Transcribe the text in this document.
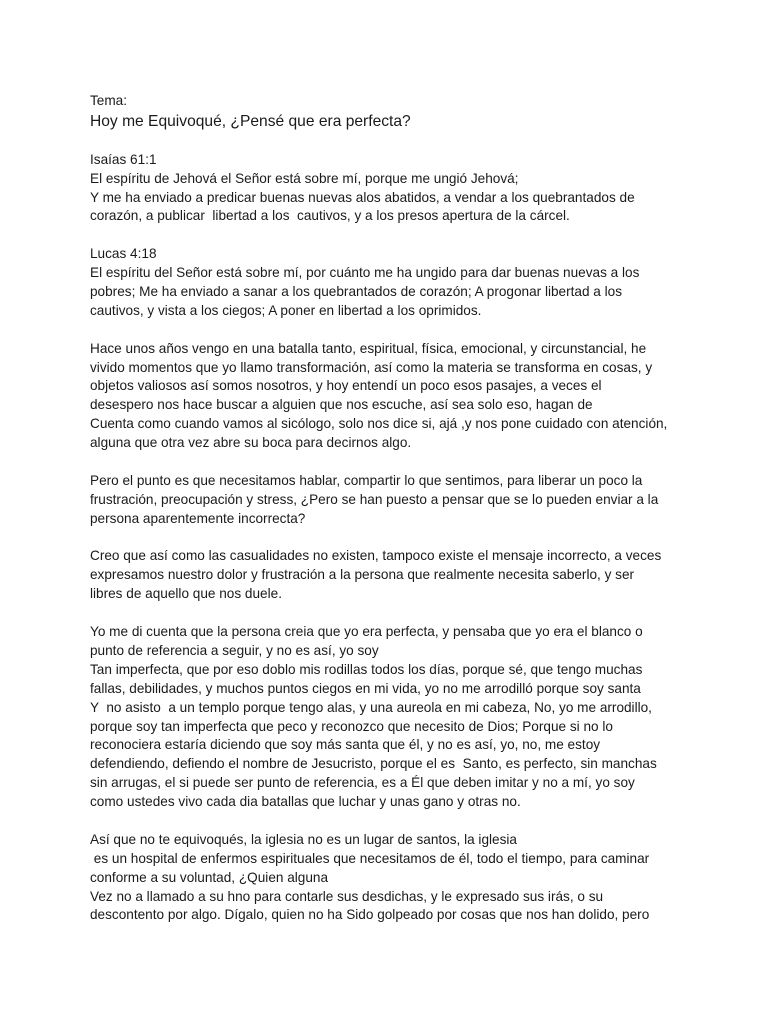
Tema:
Hoy me Equivoqué, ¿Pensé que era perfecta?
Isaías 61:1
El espíritu de Jehová el Señor está sobre mí, porque me ungió Jehová;
Y me ha enviado a predicar buenas nuevas alos abatidos, a vendar a los quebrantados de
corazón, a publicar  libertad a los  cautivos, y a los presos apertura de la cárcel.
Lucas 4:18
El espíritu del Señor está sobre mí, por cuánto me ha ungido para dar buenas nuevas a los
pobres; Me ha enviado a sanar a los quebrantados de corazón; A progonar libertad a los
cautivos, y vista a los ciegos; A poner en libertad a los oprimidos.
Hace unos años vengo en una batalla tanto, espiritual, física, emocional, y circunstancial, he
vivido momentos que yo llamo transformación, así como la materia se transforma en cosas, y
objetos valiosos así somos nosotros, y hoy entendí un poco esos pasajes, a veces el
desespero nos hace buscar a alguien que nos escuche, así sea solo eso, hagan de
Cuenta como cuando vamos al sicólogo, solo nos dice si, ajá ,y nos pone cuidado con atención,
alguna que otra vez abre su boca para decirnos algo.
Pero el punto es que necesitamos hablar, compartir lo que sentimos, para liberar un poco la
frustración, preocupación y stress, ¿Pero se han puesto a pensar que se lo pueden enviar a la
persona aparentemente incorrecta?
Creo que así como las casualidades no existen, tampoco existe el mensaje incorrecto, a veces
expresamos nuestro dolor y frustración a la persona que realmente necesita saberlo, y ser
libres de aquello que nos duele.
Yo me di cuenta que la persona creia que yo era perfecta, y pensaba que yo era el blanco o
punto de referencia a seguir, y no es así, yo soy
Tan imperfecta, que por eso doblo mis rodillas todos los días, porque sé, que tengo muchas
fallas, debilidades, y muchos puntos ciegos en mi vida, yo no me arrodilló porque soy santa
Y  no asisto  a un templo porque tengo alas, y una aureola en mi cabeza, No, yo me arrodillo,
porque soy tan imperfecta que peco y reconozco que necesito de Dios; Porque si no lo
reconociera estaría diciendo que soy más santa que él, y no es así, yo, no, me estoy
defendiendo, defiendo el nombre de Jesucristo, porque el es  Santo, es perfecto, sin manchas
sin arrugas, el si puede ser punto de referencia, es a Él que deben imitar y no a mí, yo soy
como ustedes vivo cada dia batallas que luchar y unas gano y otras no.
Así que no te equivoqués, la iglesia no es un lugar de santos, la iglesia
es un hospital de enfermos espirituales que necesitamos de él, todo el tiempo, para caminar
conforme a su voluntad, ¿Quien alguna
Vez no a llamado a su hno para contarle sus desdichas, y le expresado sus irás, o su
descontento por algo. Dígalo, quien no ha Sido golpeado por cosas que nos han dolido, pero
